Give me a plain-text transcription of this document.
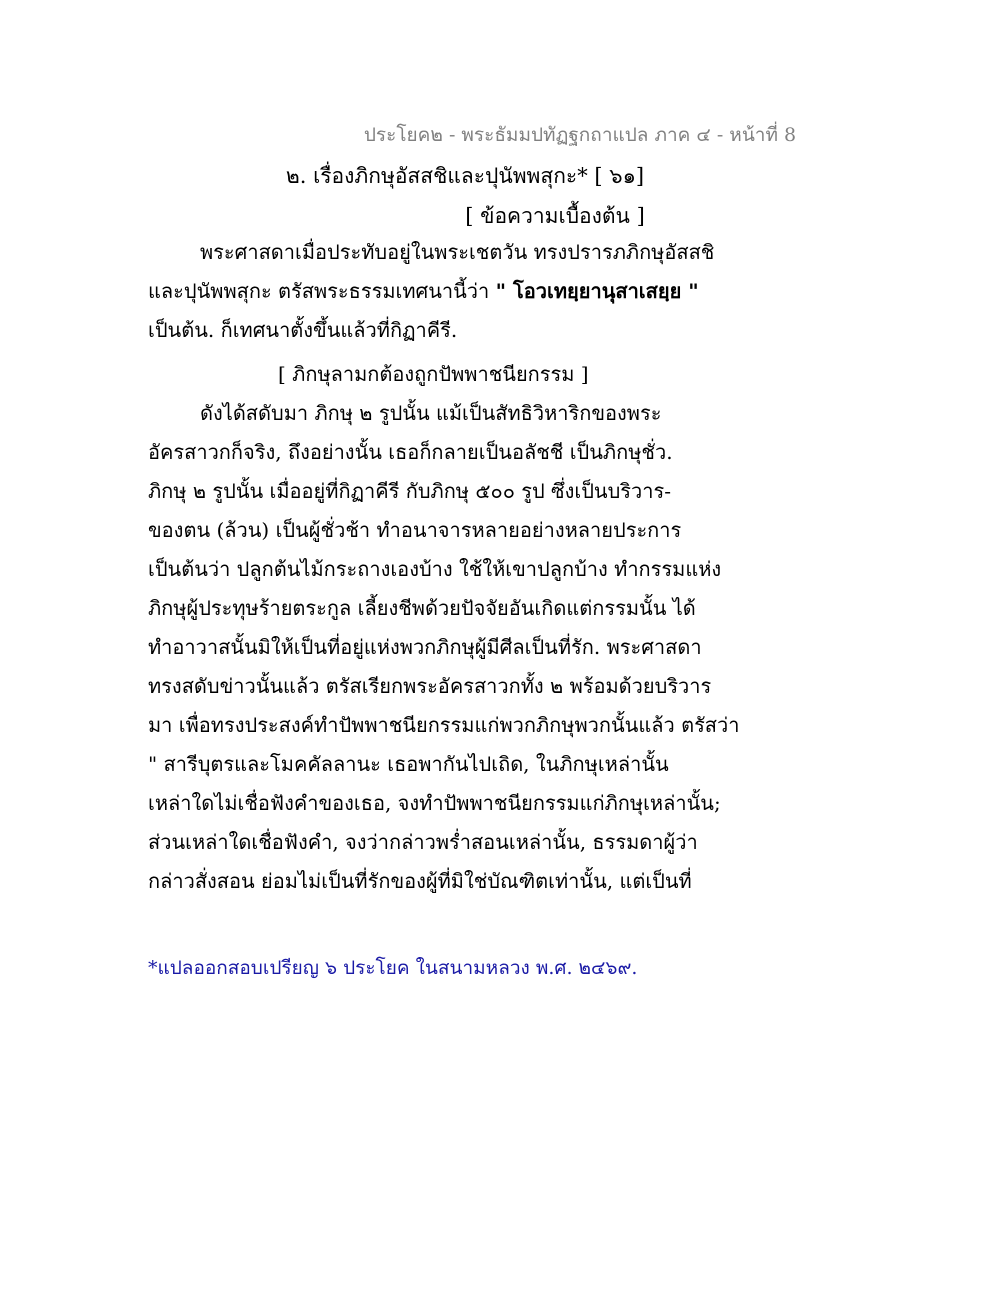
ประโยค๒ - พระธัมมปทัฏฐกถาแปล ภาค ๔ - หน้าที่ 8
๒. เรื่องภิกษุอัสสชิและปุนัพพสุกะ* [ ๖๑]
[ ข้อความเบื้องต้น ]
พระศาสดาเมื่อประทับอยู่ในพระเชตวัน ทรงปรารภภิกษุอัสสชิ
และปุนัพพสุกะ ตรัสพระธรรมเทศนานี้ว่า " โอวเทยฺยานุสาเสยฺย "
เป็นต้น. ก็เทศนาตั้งขึ้นแล้วที่กิฏาคีรี.
[ ภิกษุลามกต้องถูกปัพพาชนียกรรม ]
ดังได้สดับมา ภิกษุ ๒ รูปนั้น แม้เป็นสัทธิวิหาริกของพระ
อัครสาวกก็จริง, ถึงอย่างนั้น เธอก็กลายเป็นอลัชชี เป็นภิกษุชั่ว.
ภิกษุ ๒ รูปนั้น เมื่ออยู่ที่กิฏาคีรี กับภิกษุ ๕๐๐ รูป ซึ่งเป็นบริวาร-
ของตน (ล้วน) เป็นผู้ชั่วช้า ทำอนาจารหลายอย่างหลายประการ
เป็นต้นว่า ปลูกต้นไม้กระถางเองบ้าง ใช้ให้เขาปลูกบ้าง ทำกรรมแห่ง
ภิกษุผู้ประทุษร้ายตระกูล เลี้ยงชีพด้วยปัจจัยอันเกิดแต่กรรมนั้น ได้
ทำอาวาสนั้นมิให้เป็นที่อยู่แห่งพวกภิกษุผู้มีศีลเป็นที่รัก. พระศาสดา
ทรงสดับข่าวนั้นแล้ว ตรัสเรียกพระอัครสาวกทั้ง ๒ พร้อมด้วยบริวาร
มา เพื่อทรงประสงค์ทำปัพพาชนียกรรมแก่พวกภิกษุพวกนั้นแล้ว ตรัสว่า
" สารีบุตรและโมคคัลลานะ เธอพากันไปเถิด, ในภิกษุเหล่านั้น
เหล่าใดไม่เชื่อฟังคำของเธอ, จงทำปัพพาชนียกรรมแก่ภิกษุเหล่านั้น;
ส่วนเหล่าใดเชื่อฟังคำ, จงว่ากล่าวพร่ำสอนเหล่านั้น, ธรรมดาผู้ว่า
กล่าวสั่งสอน ย่อมไม่เป็นที่รักของผู้ที่มิใช่บัณฑิตเท่านั้น, แต่เป็นที่
*แปลออกสอบเปรียญ ๖ ประโยค ในสนามหลวง พ.ศ. ๒๔๖๙.
